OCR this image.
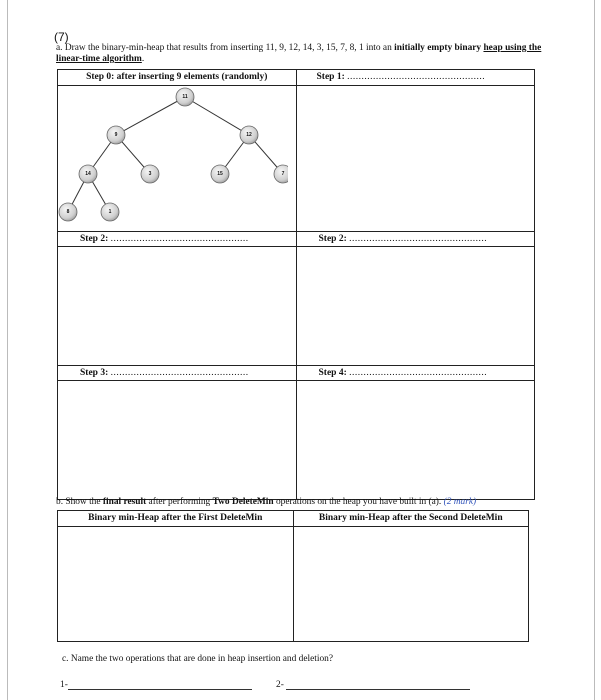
(7)
a. Draw the binary-min-heap that results from inserting 11, 9, 12, 14, 3, 15, 7, 8, 1 into an initially empty binary heap using the linear-time algorithm.
Step 0: after inserting 9 elements (randomly)	Step 1: ................................................

Step 2: ................................................	Step 2: ................................................

Step 3: ................................................	Step 4: ................................................

11
9	12
14	3	15	7
8	1
b. Show the final result after performing Two DeleteMin operations on the heap you have built in (a). (2 mark)
Binary min-Heap after the First DeleteMin	Binary min-Heap after the Second DeleteMin

c. Name the two operations that are done in heap insertion and deletion?
1-	2-
